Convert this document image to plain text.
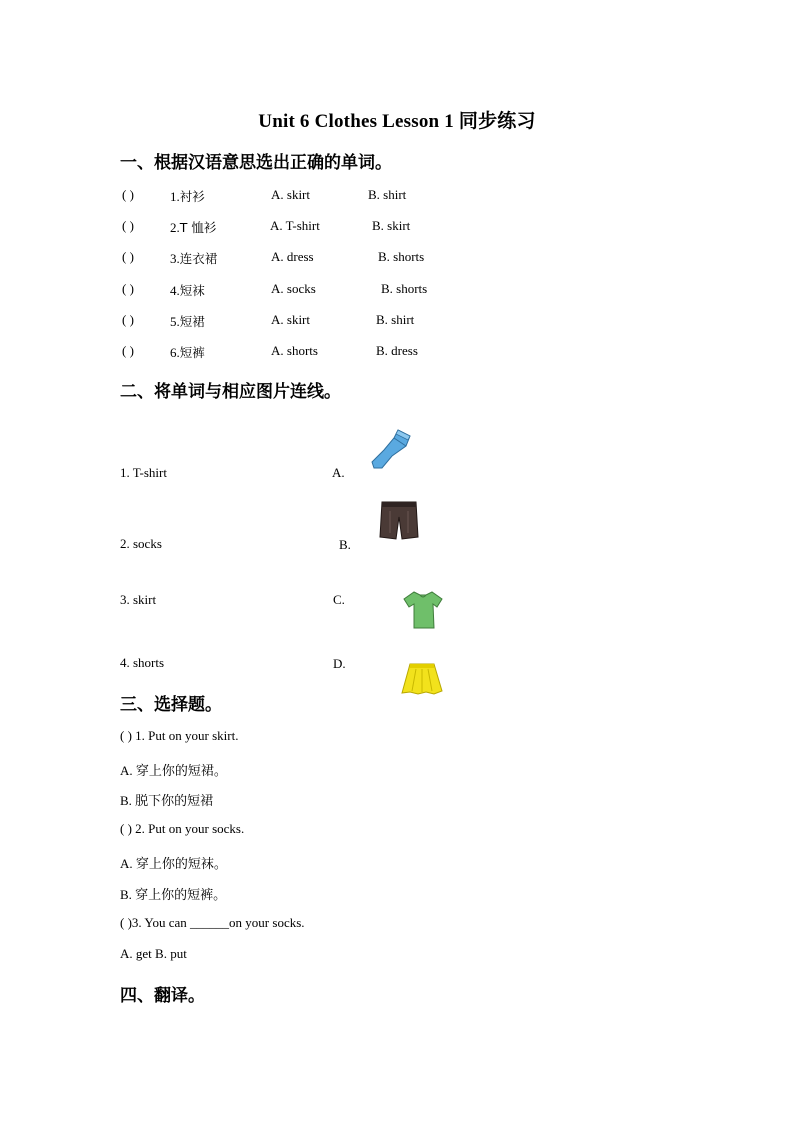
Unit 6 Clothes Lesson 1 同步练习
一、根据汉语意思选出正确的单词。
( )	1.衬衫	A. skirt	B. shirt
( )	2.T 恤衫	A. T-shirt	B. skirt
( )	3.连衣裙	A. dress	B. shorts
( )	4.短袜	A. socks	B. shorts
( )	5.短裙	A. skirt	B. shirt
( )	6.短裤	A. shorts	B. dress
二、将单词与相应图片连线。
1. T-shirt
2. socks
3. skirt
4. shorts
A.
B.
C.
D.
三、选择题。
( ) 1. Put on your skirt.
A. 穿上你的短裙。
B. 脱下你的短裙
( ) 2. Put on your socks.
A. 穿上你的短袜。
B. 穿上你的短裤。
( )3. You can ______on your socks.
A. get B. put
四、翻译。
